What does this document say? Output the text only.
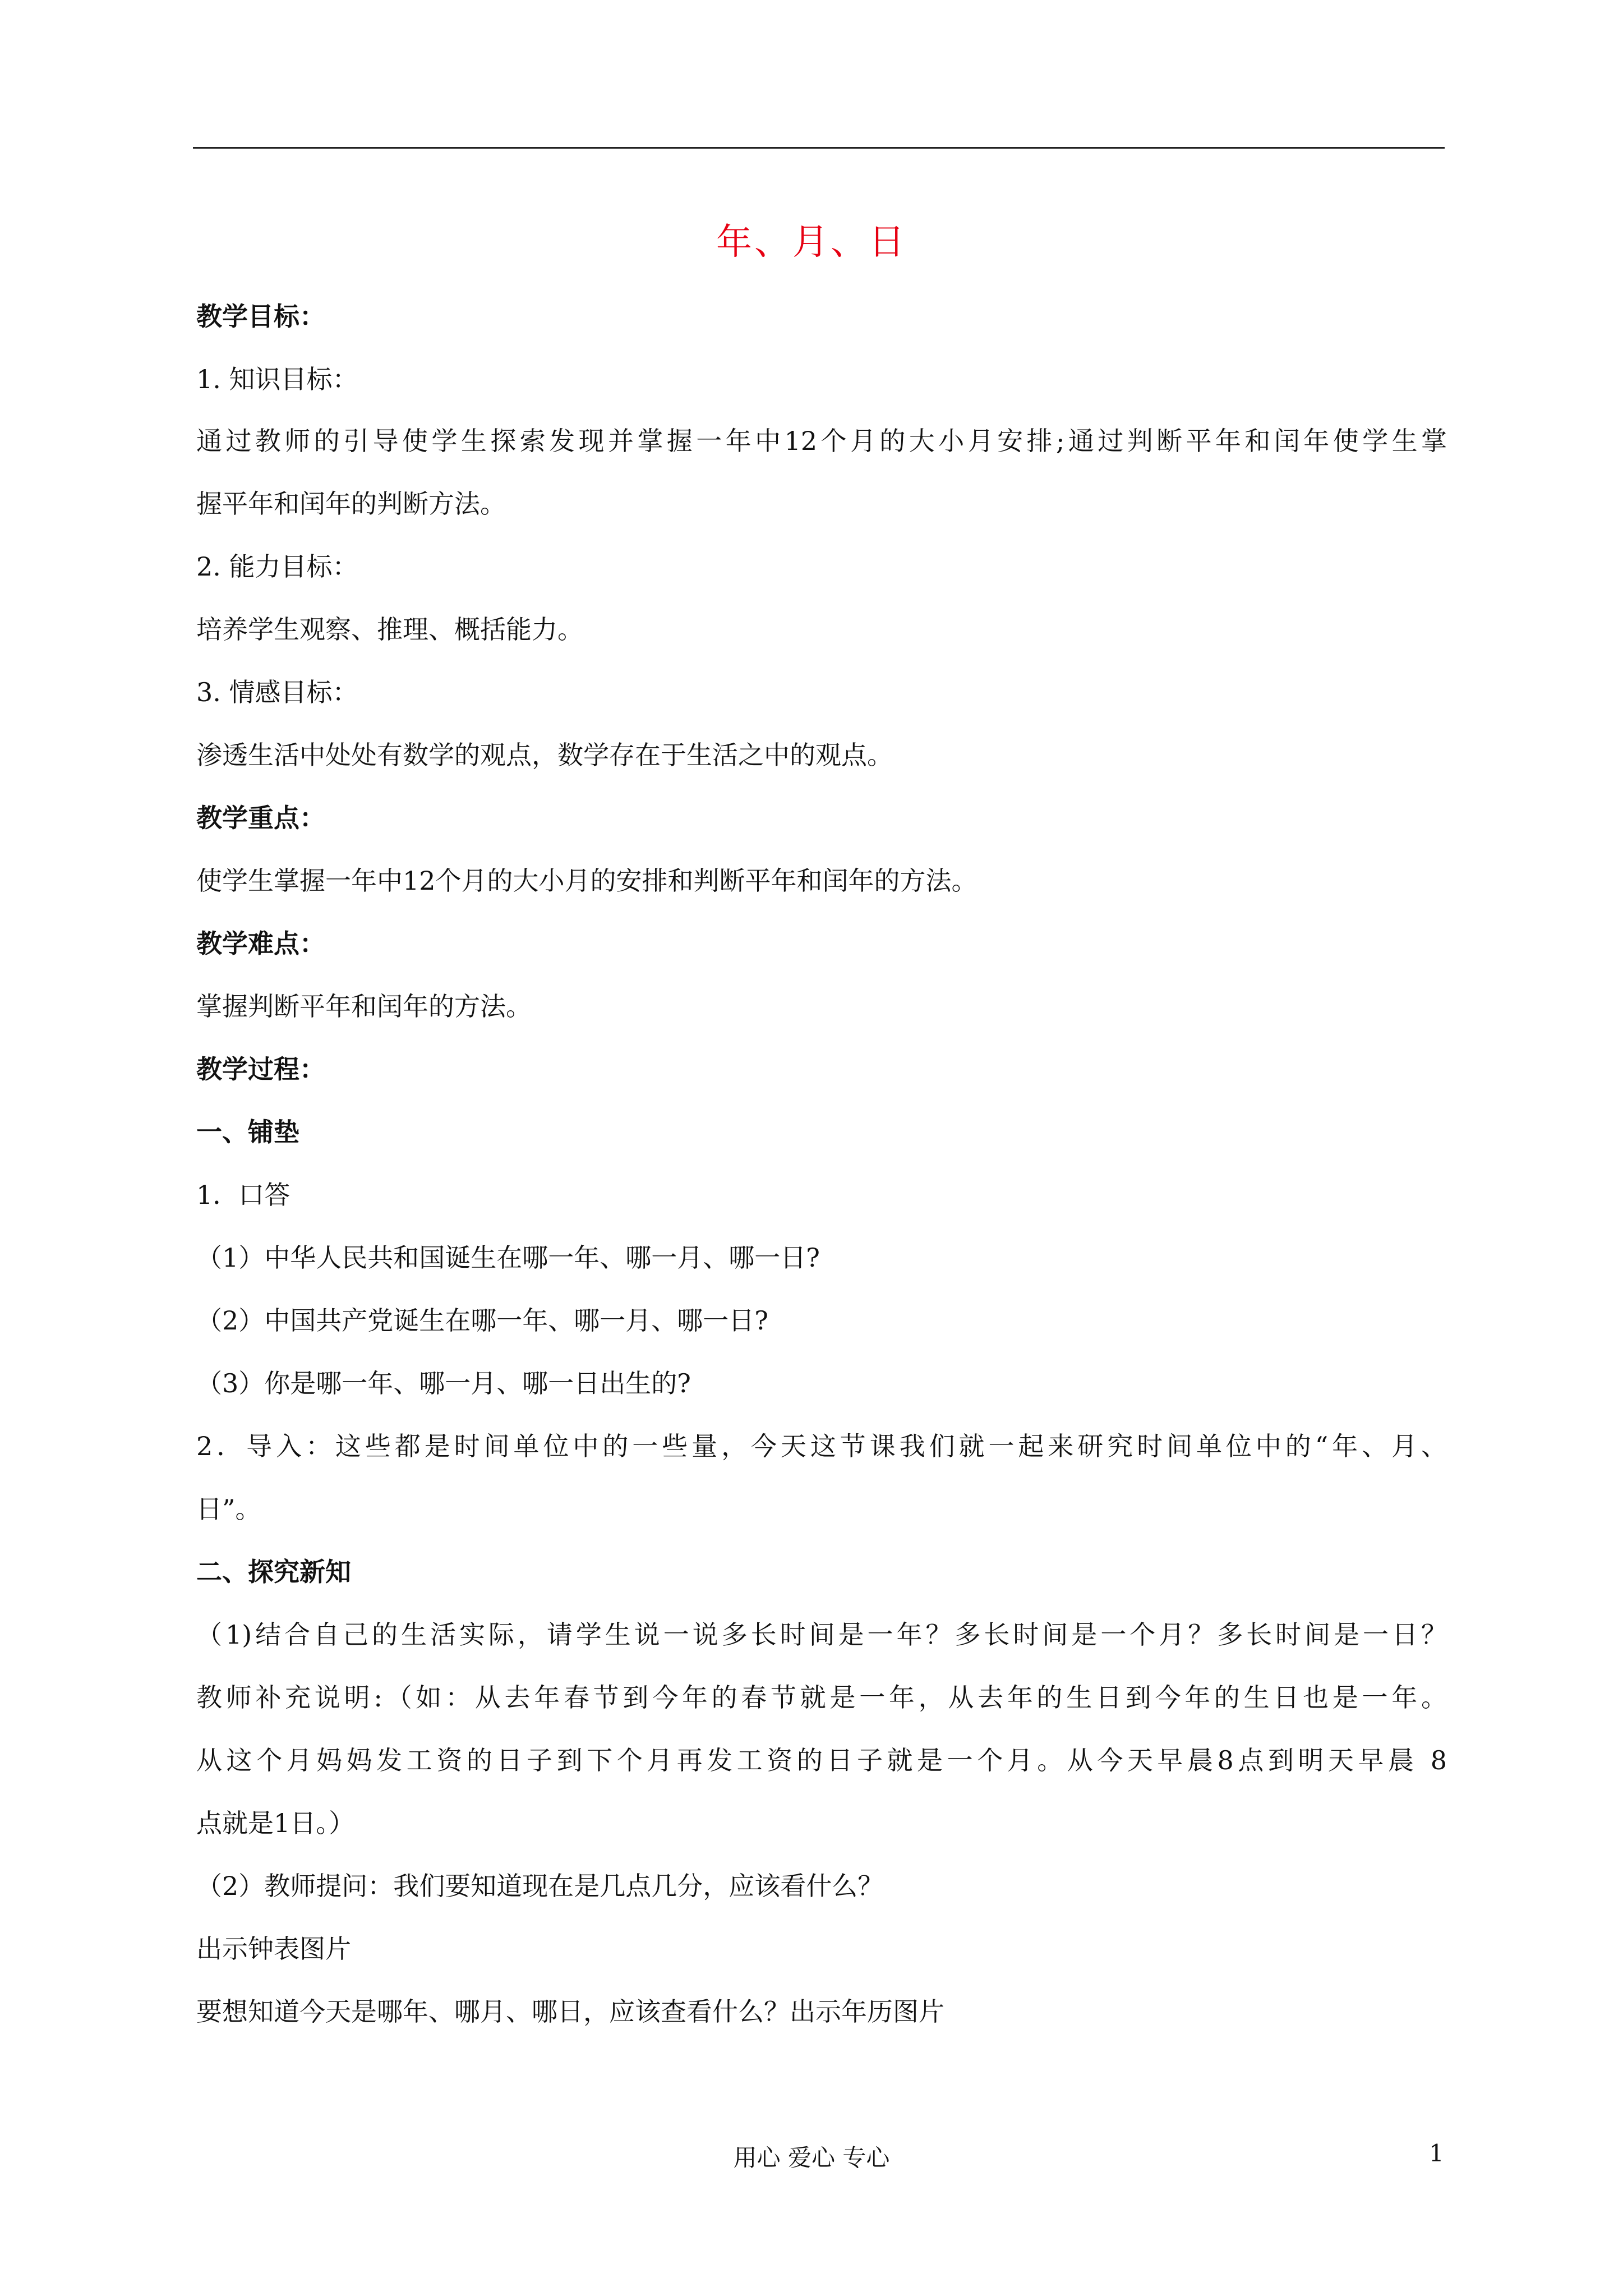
年、月、日
教学目标：
1. 知识目标：
通过教师的引导使学生探索发现并掌握一年中12个月的大小月安排;通过判断平年和闰年使学生掌
握平年和闰年的判断方法。
2. 能力目标：
培养学生观察、推理、概括能力。
3. 情感目标：
渗透生活中处处有数学的观点，数学存在于生活之中的观点。
教学重点：
使学生掌握一年中12个月的大小月的安排和判断平年和闰年的方法。
教学难点：
掌握判断平年和闰年的方法。
教学过程：
一、铺垫
1．口答
（1）中华人民共和国诞生在哪一年、哪一月、哪一日?
（2）中国共产党诞生在哪一年、哪一月、哪一日?
（3）你是哪一年、哪一月、哪一日出生的?
2．导入：这些都是时间单位中的一些量，今天这节课我们就一起来研究时间单位中的“年、月、
日”。
二、探究新知
（1)结合自己的生活实际，请学生说一说多长时间是一年？多长时间是一个月？多长时间是一日？
教师补充说明:（如：从去年春节到今年的春节就是一年，从去年的生日到今年的生日也是一年。
从这个月妈妈发工资的日子到下个月再发工资的日子就是一个月。从今天早晨8点到明天早晨 8
点就是1日。）
（2）教师提问：我们要知道现在是几点几分，应该看什么？
出示钟表图片
要想知道今天是哪年、哪月、哪日，应该查看什么？出示年历图片
用心 爱心 专心	1
